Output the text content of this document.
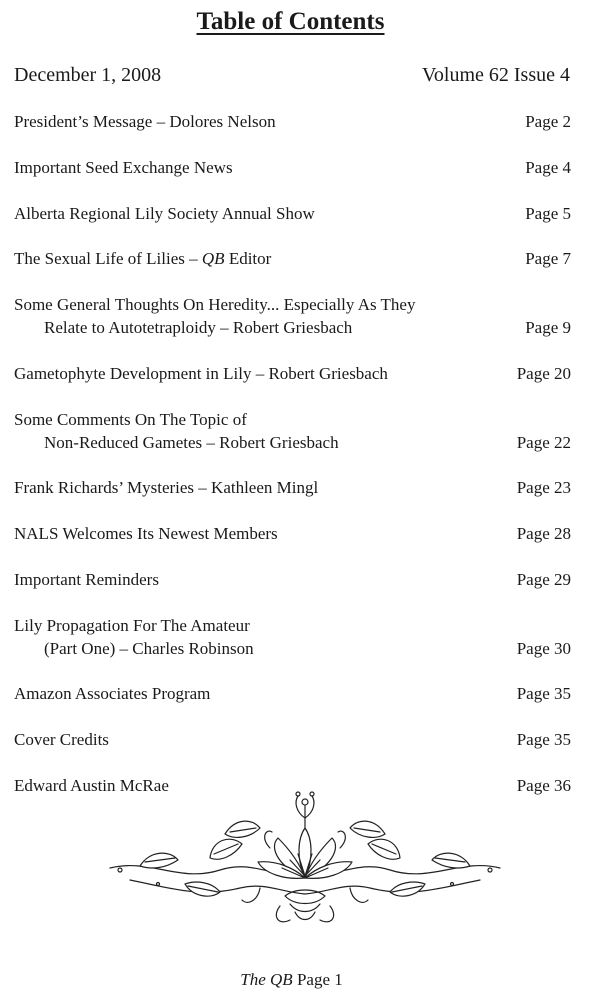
Table of Contents
December 1, 2008	Volume 62 Issue 4
President’s Message – Dolores Nelson	Page 2
Important Seed Exchange News	Page 4
Alberta Regional Lily Society Annual Show	Page 5
The Sexual Life of Lilies – QB Editor	Page 7
Some General Thoughts On Heredity... Especially As They
Relate to Autotetraploidy – Robert Griesbach	Page 9
Gametophyte Development in Lily – Robert Griesbach	Page 20
Some Comments On The Topic of
Non-Reduced Gametes – Robert Griesbach	Page 22
Frank Richards’ Mysteries – Kathleen Mingl	Page 23
NALS Welcomes Its Newest Members	Page 28
Important Reminders	Page 29
Lily Propagation For The Amateur
(Part One) – Charles Robinson	Page 30
Amazon Associates Program	Page 35
Cover Credits	Page 35
Edward Austin McRae	Page 36
The QB Page 1
